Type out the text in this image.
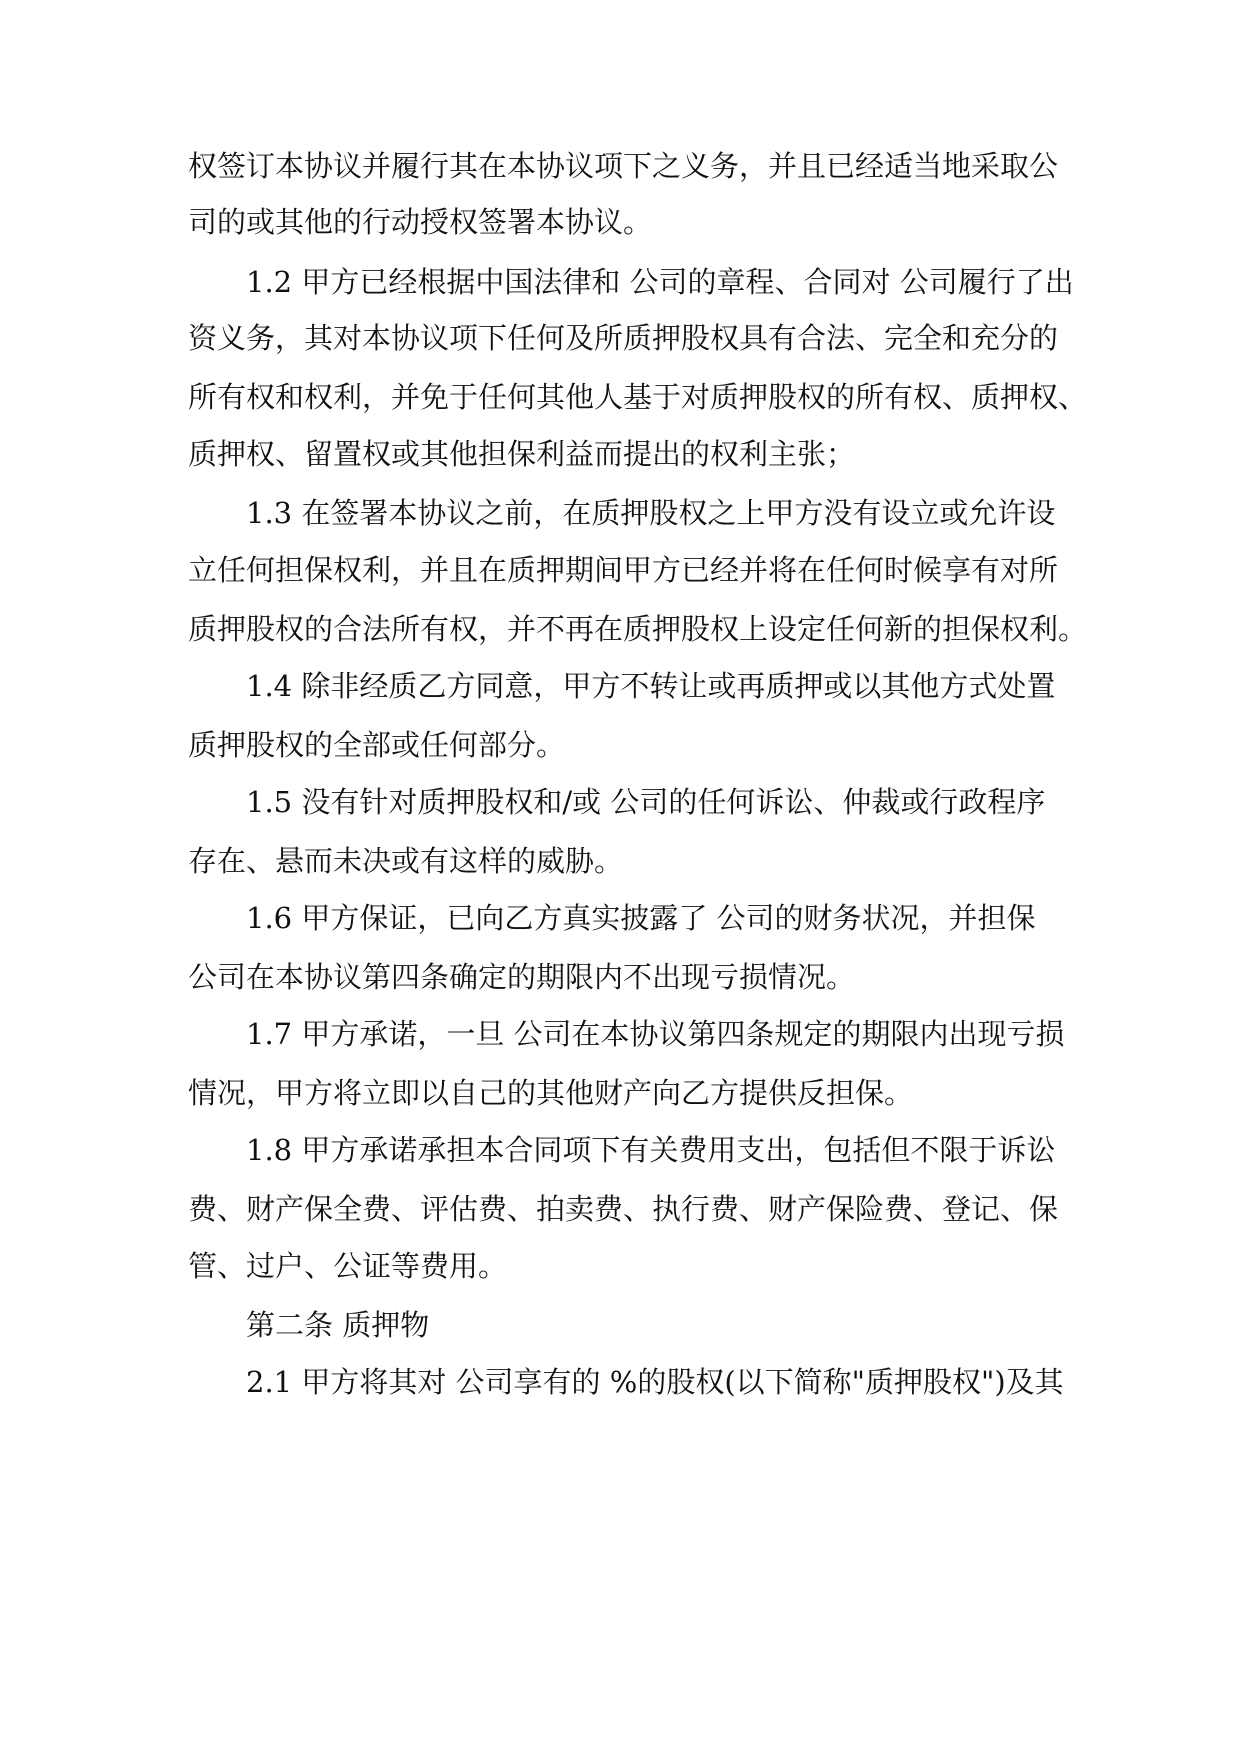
权签订本协议并履行其在本协议项下之义务，并且已经适当地采取公
司的或其他的行动授权签署本协议。
1.2 甲方已经根据中国法律和 公司的章程、合同对 公司履行了出
资义务，其对本协议项下任何及所质押股权具有合法、完全和充分的
所有权和权利，并免于任何其他人基于对质押股权的所有权、质押权、
质押权、留置权或其他担保利益而提出的权利主张；
1.3 在签署本协议之前，在质押股权之上甲方没有设立或允许设
立任何担保权利，并且在质押期间甲方已经并将在任何时候享有对所
质押股权的合法所有权，并不再在质押股权上设定任何新的担保权利。
1.4 除非经质乙方同意，甲方不转让或再质押或以其他方式处置
质押股权的全部或任何部分。
1.5 没有针对质押股权和/或 公司的任何诉讼、仲裁或行政程序
存在、悬而未决或有这样的威胁。
1.6 甲方保证，已向乙方真实披露了 公司的财务状况，并担保
公司在本协议第四条确定的期限内不出现亏损情况。
1.7 甲方承诺，一旦 公司在本协议第四条规定的期限内出现亏损
情况，甲方将立即以自己的其他财产向乙方提供反担保。
1.8 甲方承诺承担本合同项下有关费用支出，包括但不限于诉讼
费、财产保全费、评估费、拍卖费、执行费、财产保险费、登记、保
管、过户、公证等费用。
第二条 质押物
2.1 甲方将其对 公司享有的 %的股权(以下简称"质押股权")及其
